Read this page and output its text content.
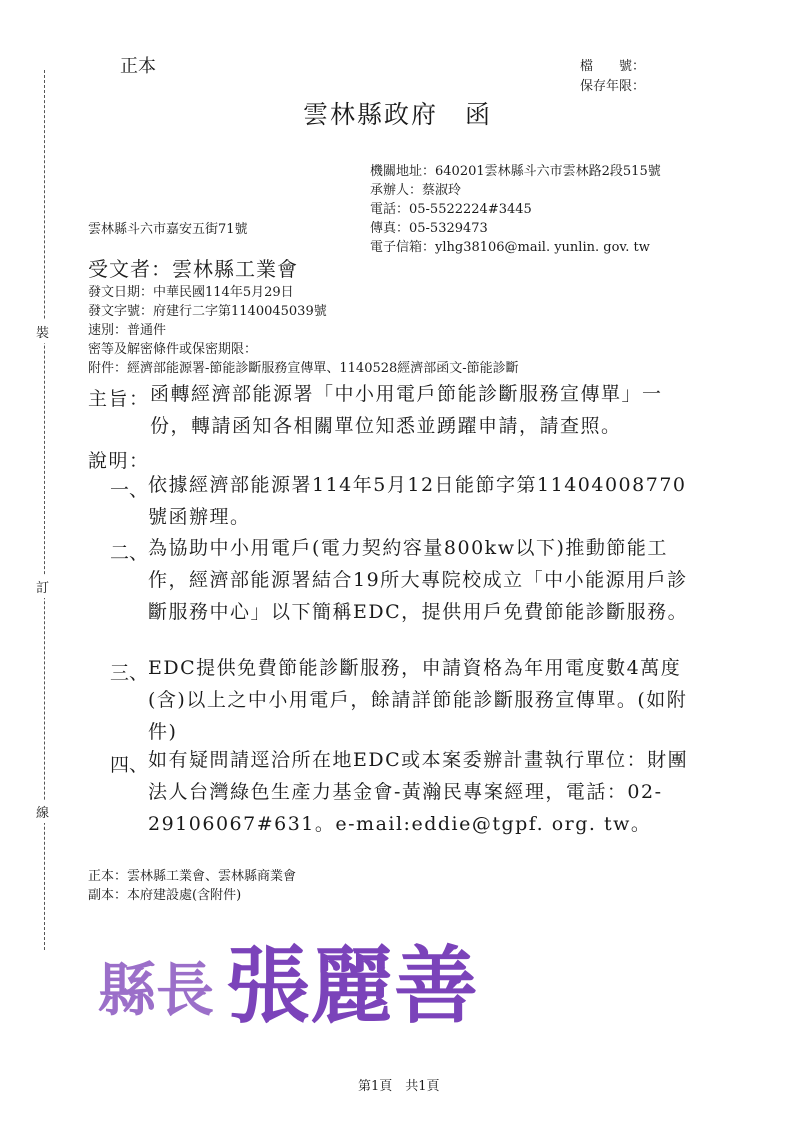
裝
訂
線
正本	檔　　號：
保存年限：
雲林縣政府　函
機關地址：640201雲林縣斗六市雲林路2段515號
承辦人：蔡淑玲
電話：05-5522224#3445
傳真：05-5329473
電子信箱：ylhg38106@mail. yunlin. gov. tw
雲林縣斗六市嘉安五街71號
受文者：雲林縣工業會
發文日期：中華民國114年5月29日
發文字號：府建行二字第1140045039號
速別：普通件
密等及解密條件或保密期限：
附件：經濟部能源署-節能診斷服務宣傳單、1140528經濟部函文-節能診斷
主旨： 函轉經濟部能源署「中小用電戶節能診斷服務宣傳單」一份，轉請函知各相關單位知悉並踴躍申請，請查照。
說明：
一、 依據經濟部能源署114年5月12日能節字第11404008770號函辦理。
二、 為協助中小用電戶(電力契約容量800kw以下)推動節能工作，經濟部能源署結合19所大專院校成立「中小能源用戶診斷服務中心」以下簡稱EDC，提供用戶免費節能診斷服務。
三、 EDC提供免費節能診斷服務，申請資格為年用電度數4萬度(含)以上之中小用電戶，餘請詳節能診斷服務宣傳單。(如附件)
四、 如有疑問請逕洽所在地EDC或本案委辦計畫執行單位：財團法人台灣綠色生產力基金會-黃瀚民專案經理，電話：02-29106067#631。e-mail:eddie@tgpf. org. tw。
正本：雲林縣工業會、雲林縣商業會
副本：本府建設處(含附件)
縣長 張麗善
第1頁　共1頁
